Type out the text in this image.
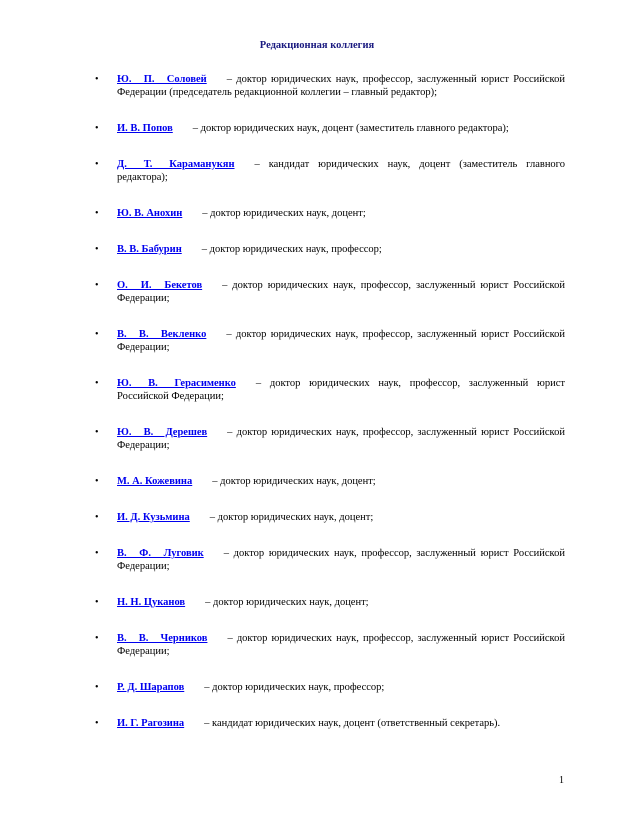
Редакционная коллегия
• Ю. П. Соловей – доктор юридических наук, профессор, заслуженный юрист Российской Федерации (председатель редакционной коллегии – главный редактор);
• И. В. Попов – доктор юридических наук, доцент (заместитель главного редактора);
• Д. Т. Караманукян – кандидат юридических наук, доцент (заместитель главного редактора);
• Ю. В. Анохин – доктор юридических наук, доцент;
• В. В. Бабурин – доктор юридических наук, профессор;
• О. И. Бекетов – доктор юридических наук, профессор, заслуженный юрист Российской Федерации;
• В. В. Векленко – доктор юридических наук, профессор, заслуженный юрист Российской Федерации;
• Ю. В. Герасименко – доктор юридических наук, профессор, заслуженный юрист Российской Федерации;
• Ю. В. Дерешев – доктор юридических наук, профессор, заслуженный юрист Российской Федерации;
• М. А. Кожевина – доктор юридических наук, доцент;
• И. Д. Кузьмина – доктор юридических наук, доцент;
• В. Ф. Луговик – доктор юридических наук, профессор, заслуженный юрист Российской Федерации;
• Н. Н. Цуканов – доктор юридических наук, доцент;
• В. В. Черников – доктор юридических наук, профессор, заслуженный юрист Российской Федерации;
• Р. Д. Шарапов – доктор юридических наук, профессор;
• И. Г. Рагозина – кандидат юридических наук, доцент (ответственный секретарь).
1
